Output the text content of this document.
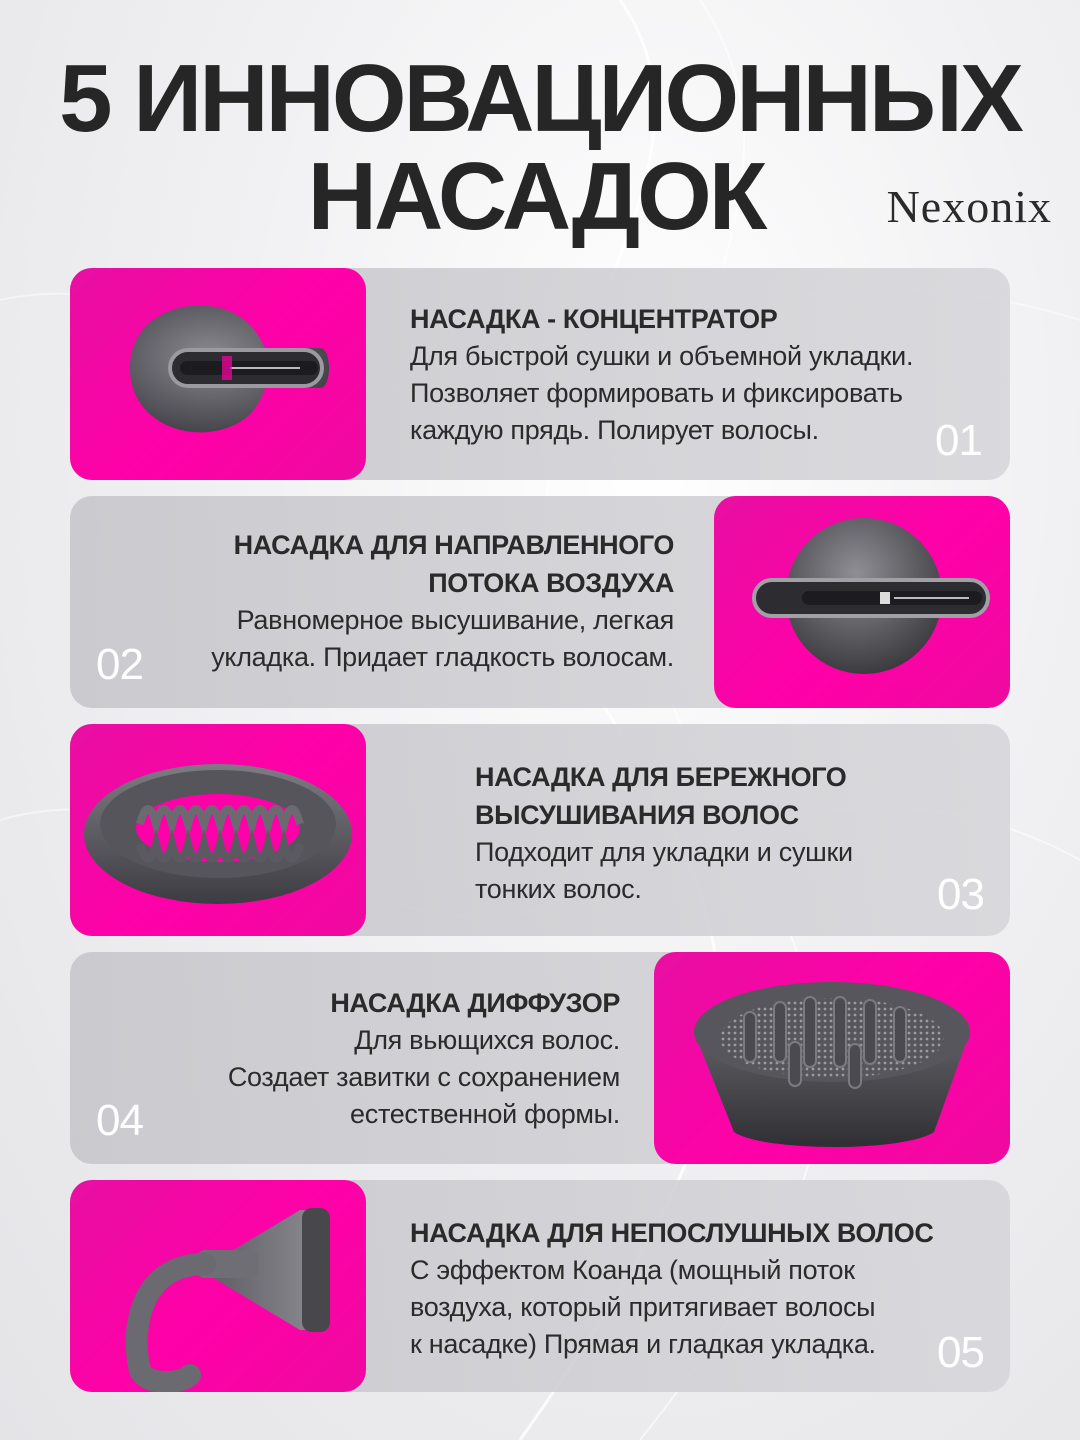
5 ИННОВАЦИОННЫХ
НАСАДОК	Nexonix
НАСАДКА - КОНЦЕНТРАТОР
Для быстрой сушки и объемной укладки.
Позволяет формировать и фиксировать
каждую прядь. Полирует волосы.	01
НАСАДКА ДЛЯ НАПРАВЛЕННОГО
ПОТОКА ВОЗДУХА
Равномерное высушивание, легкая
укладка. Придает гладкость волосам.
02
НАСАДКА ДЛЯ БЕРЕЖНОГО
ВЫСУШИВАНИЯ ВОЛОС
Подходит для укладки и сушки
тонких волос.	03
НАСАДКА ДИФФУЗОР
Для вьющихся волос.
Создает завитки с сохранением
естественной формы.
04
НАСАДКА ДЛЯ НЕПОСЛУШНЫХ ВОЛОС
С эффектом Коанда (мощный поток
воздуха, который притягивает волосы
к насадке) Прямая и гладкая укладка.	05
